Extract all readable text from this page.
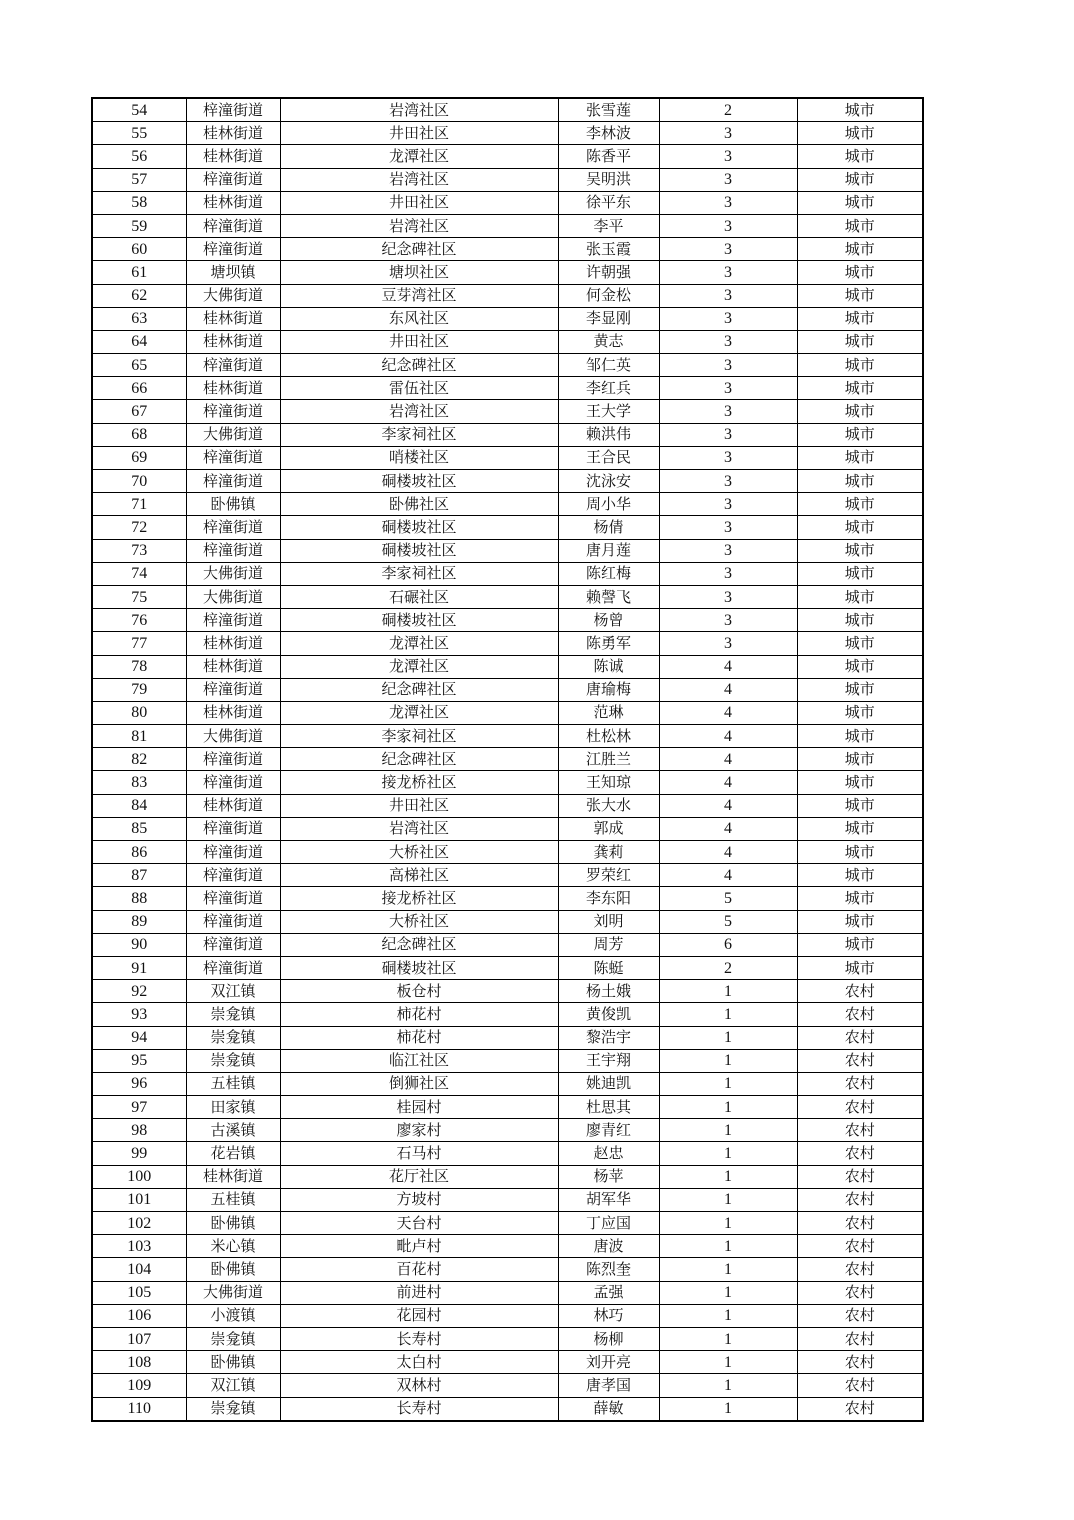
54	梓潼街道	岩湾社区	张雪莲	2	城市
55	桂林街道	井田社区	李林波	3	城市
56	桂林街道	龙潭社区	陈香平	3	城市
57	梓潼街道	岩湾社区	吴明洪	3	城市
58	桂林街道	井田社区	徐平东	3	城市
59	梓潼街道	岩湾社区	李平	3	城市
60	梓潼街道	纪念碑社区	张玉霞	3	城市
61	塘坝镇	塘坝社区	许朝强	3	城市
62	大佛街道	豆芽湾社区	何金松	3	城市
63	桂林街道	东风社区	李显刚	3	城市
64	桂林街道	井田社区	黄志	3	城市
65	梓潼街道	纪念碑社区	邹仁英	3	城市
66	桂林街道	雷伍社区	李红兵	3	城市
67	梓潼街道	岩湾社区	王大学	3	城市
68	大佛街道	李家祠社区	赖洪伟	3	城市
69	梓潼街道	哨楼社区	王合民	3	城市
70	梓潼街道	硐楼坡社区	沈泳安	3	城市
71	卧佛镇	卧佛社区	周小华	3	城市
72	梓潼街道	硐楼坡社区	杨倩	3	城市
73	梓潼街道	硐楼坡社区	唐月莲	3	城市
74	大佛街道	李家祠社区	陈红梅	3	城市
75	大佛街道	石碾社区	赖謦飞	3	城市
76	梓潼街道	硐楼坡社区	杨曾	3	城市
77	桂林街道	龙潭社区	陈勇军	3	城市
78	桂林街道	龙潭社区	陈诚	4	城市
79	梓潼街道	纪念碑社区	唐瑜梅	4	城市
80	桂林街道	龙潭社区	范琳	4	城市
81	大佛街道	李家祠社区	杜松林	4	城市
82	梓潼街道	纪念碑社区	江胜兰	4	城市
83	梓潼街道	接龙桥社区	王知琼	4	城市
84	桂林街道	井田社区	张大水	4	城市
85	梓潼街道	岩湾社区	郭成	4	城市
86	梓潼街道	大桥社区	龚莉	4	城市
87	梓潼街道	高梯社区	罗荣红	4	城市
88	梓潼街道	接龙桥社区	李东阳	5	城市
89	梓潼街道	大桥社区	刘明	5	城市
90	梓潼街道	纪念碑社区	周芳	6	城市
91	梓潼街道	硐楼坡社区	陈蜓	2	城市
92	双江镇	板仓村	杨土娥	1	农村
93	崇龛镇	柿花村	黄俊凯	1	农村
94	崇龛镇	柿花村	黎浩宇	1	农村
95	崇龛镇	临江社区	王宇翔	1	农村
96	五桂镇	倒狮社区	姚迪凯	1	农村
97	田家镇	桂园村	杜思其	1	农村
98	古溪镇	廖家村	廖青红	1	农村
99	花岩镇	石马村	赵忠	1	农村
100	桂林街道	花厅社区	杨苹	1	农村
101	五桂镇	方坡村	胡军华	1	农村
102	卧佛镇	天台村	丁应国	1	农村
103	米心镇	毗卢村	唐波	1	农村
104	卧佛镇	百花村	陈烈奎	1	农村
105	大佛街道	前进村	孟强	1	农村
106	小渡镇	花园村	林巧	1	农村
107	崇龛镇	长寿村	杨柳	1	农村
108	卧佛镇	太白村	刘开亮	1	农村
109	双江镇	双林村	唐孝国	1	农村
110	崇龛镇	长寿村	薛敏	1	农村
